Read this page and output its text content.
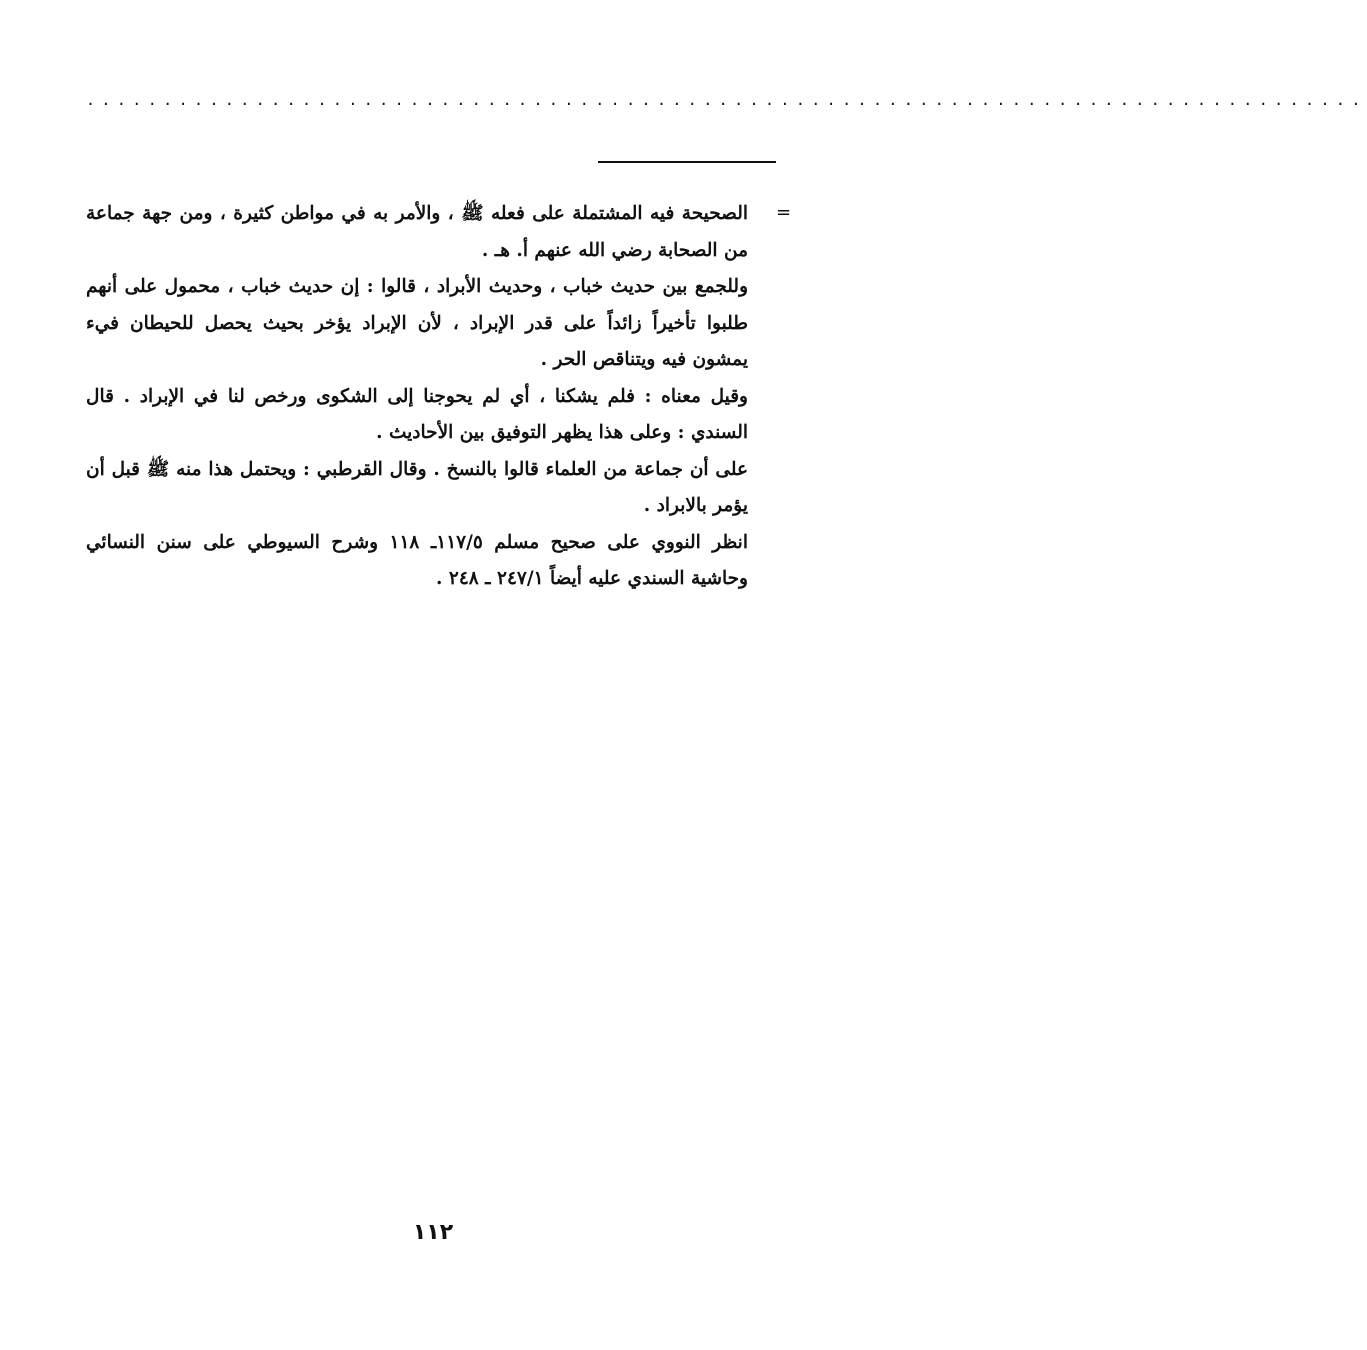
...................................................................................
=

الصحيحة فيه المشتملة على فعله ﷺ ، والأمر به في مواطن كثيرة ، ومن جهة جماعة من الصحابة رضي الله عنهم أ. هـ .

وللجمع بين حديث خباب ، وحديث الأبراد ، قالوا : إن حديث خباب ، محمول على أنهم طلبوا تأخيراً زائداً على قدر الإبراد ، لأن الإبراد يؤخر بحيث يحصل للحيطان فيء يمشون فيه ويتناقص الحر .

وقيل معناه : فلم يشكنا ، أي لم يحوجنا إلى الشكوى ورخص لنا في الإبراد . قال السندي : وعلى هذا يظهر التوفيق بين الأحاديث .

على أن جماعة من العلماء قالوا بالنسخ . وقال القرطبي : ويحتمل هذا منه ﷺ قبل أن يؤمر بالابراد .

انظر النووي على صحيح مسلم ١١٧/٥ـ ١١٨ وشرح السيوطي على سنن النسائي وحاشية السندي عليه أيضاً ٢٤٧/١ ـ ٢٤٨ .

١١٢
